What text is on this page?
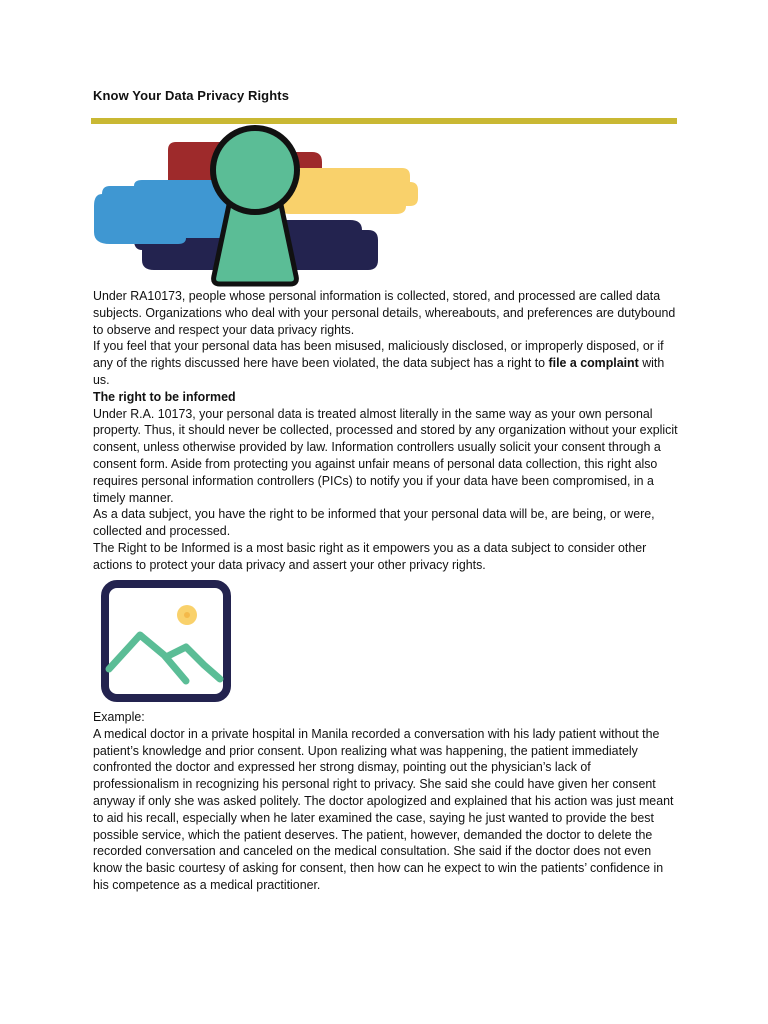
Know Your Data Privacy Rights

Under RA10173, people whose personal information is collected, stored, and processed are called data subjects. Organizations who deal with your personal details, whereabouts, and preferences are dutybound to observe and respect your data privacy rights.

If you feel that your personal data has been misused, maliciously disclosed, or improperly disposed, or if any of the rights discussed here have been violated, the data subject has a right to file a complaint with us.

The right to be informed

Under R.A. 10173, your personal data is treated almost literally in the same way as your own personal property. Thus, it should never be collected, processed and stored by any organization without your explicit consent, unless otherwise provided by law. Information controllers usually solicit your consent through a consent form. Aside from protecting you against unfair means of personal data collection, this right also requires personal information controllers (PICs) to notify you if your data have been compromised, in a timely manner.

As a data subject, you have the right to be informed that your personal data will be, are being, or were, collected and processed.

The Right to be Informed is a most basic right as it empowers you as a data subject to consider other actions to protect your data privacy and assert your other privacy rights.

Example:

A medical doctor in a private hospital in Manila recorded a conversation with his lady patient without the patient’s knowledge and prior consent. Upon realizing what was happening, the patient immediately confronted the doctor and expressed her strong dismay, pointing out the physician’s lack of professionalism in recognizing his personal right to privacy. She said she could have given her consent anyway if only she was asked politely. The doctor apologized and explained that his action was just meant to aid his recall, especially when he later examined the case, saying he just wanted to provide the best possible service, which the patient deserves. The patient, however, demanded the doctor to delete the recorded conversation and canceled on the medical consultation. She said if the doctor does not even know the basic courtesy of asking for consent, then how can he expect to win the patients’ confidence in his competence as a medical practitioner.
